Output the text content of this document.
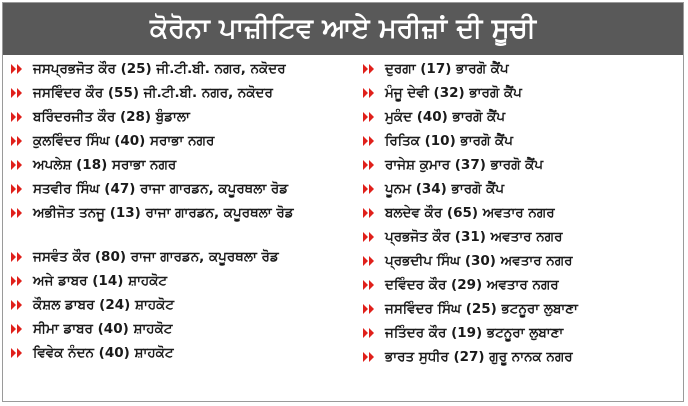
ਕੋਰੋਨਾ ਪਾਜ਼ੀਟਿਵ ਆਏ ਮਰੀਜ਼ਾਂ ਦੀ ਸੂਚੀ
ਜਸਪ੍ਰਭਜੋਤ ਕੌਰ (25) ਜੀ.ਟੀ.ਬੀ. ਨਗਰ, ਨਕੋਦਰ
ਜਸਵਿੰਦਰ ਕੌਰ (55) ਜੀ.ਟੀ.ਬੀ. ਨਗਰ, ਨਕੋਦਰ
ਬਰਿੰਦਰਜੀਤ ਕੌਰ (28) ਬੁੰਡਾਲਾ
ਕੁਲਵਿੰਦਰ ਸਿੰਘ (40) ਸਰਾਭਾ ਨਗਰ
ਅਪਲੇਸ਼ (18) ਸਰਾਭਾ ਨਗਰ
ਸਤਵੀਰ ਸਿੰਘ (47) ਰਾਜਾ ਗਾਰਡਨ, ਕਪੂਰਥਲਾ ਰੋਡ
ਅਭੀਜੋਤ ਤਨਜੂ (13) ਰਾਜਾ ਗਾਰਡਨ, ਕਪੂਰਥਲਾ ਰੋਡ
ਜਸਵੰਤ ਕੌਰ (80) ਰਾਜਾ ਗਾਰਡਨ, ਕਪੂਰਥਲਾ ਰੋਡ
ਅਜੇ ਡਾਬਰ (14) ਸ਼ਾਹਕੋਟ
ਕੌਸ਼ਲ ਡਾਬਰ (24) ਸ਼ਾਹਕੋਟ
ਸੀਮਾ ਡਾਬਰ (40) ਸ਼ਾਹਕੋਟ
ਵਿਵੇਕ ਨੰਦਨ (40) ਸ਼ਾਹਕੋਟ
ਦੁਰਗਾ (17) ਭਾਰਗੋ ਕੈਂਪ
ਮੰਜੂ ਦੇਵੀ (32) ਭਾਰਗੋ ਕੈਂਪ
ਮੁਕੰਦ (40) ਭਾਰਗੋ ਕੈਂਪ
ਰਿਤਿਕ (10) ਭਾਰਗੋ ਕੈਂਪ
ਰਾਜੇਸ਼ ਕੁਮਾਰ (37) ਭਾਰਗੋ ਕੈਂਪ
ਪੂਨਮ (34) ਭਾਰਗੋ ਕੈਂਪ
ਬਲਦੇਵ ਕੌਰ (65) ਅਵਤਾਰ ਨਗਰ
ਪ੍ਰਭਜੋਤ ਕੌਰ (31) ਅਵਤਾਰ ਨਗਰ
ਪ੍ਰਭਦੀਪ ਸਿੰਘ (30) ਅਵਤਾਰ ਨਗਰ
ਦਵਿੰਦਰ ਕੌਰ (29) ਅਵਤਾਰ ਨਗਰ
ਜਸਵਿੰਦਰ ਸਿੰਘ (25) ਭਟਨੂਰਾ ਲੁਬਾਣਾ
ਜਤਿੰਦਰ ਕੌਰ (19) ਭਟਨੂਰਾ ਲੁਬਾਣਾ
ਭਾਰਤ ਸੁਧੀਰ (27) ਗੁਰੂ ਨਾਨਕ ਨਗਰ
